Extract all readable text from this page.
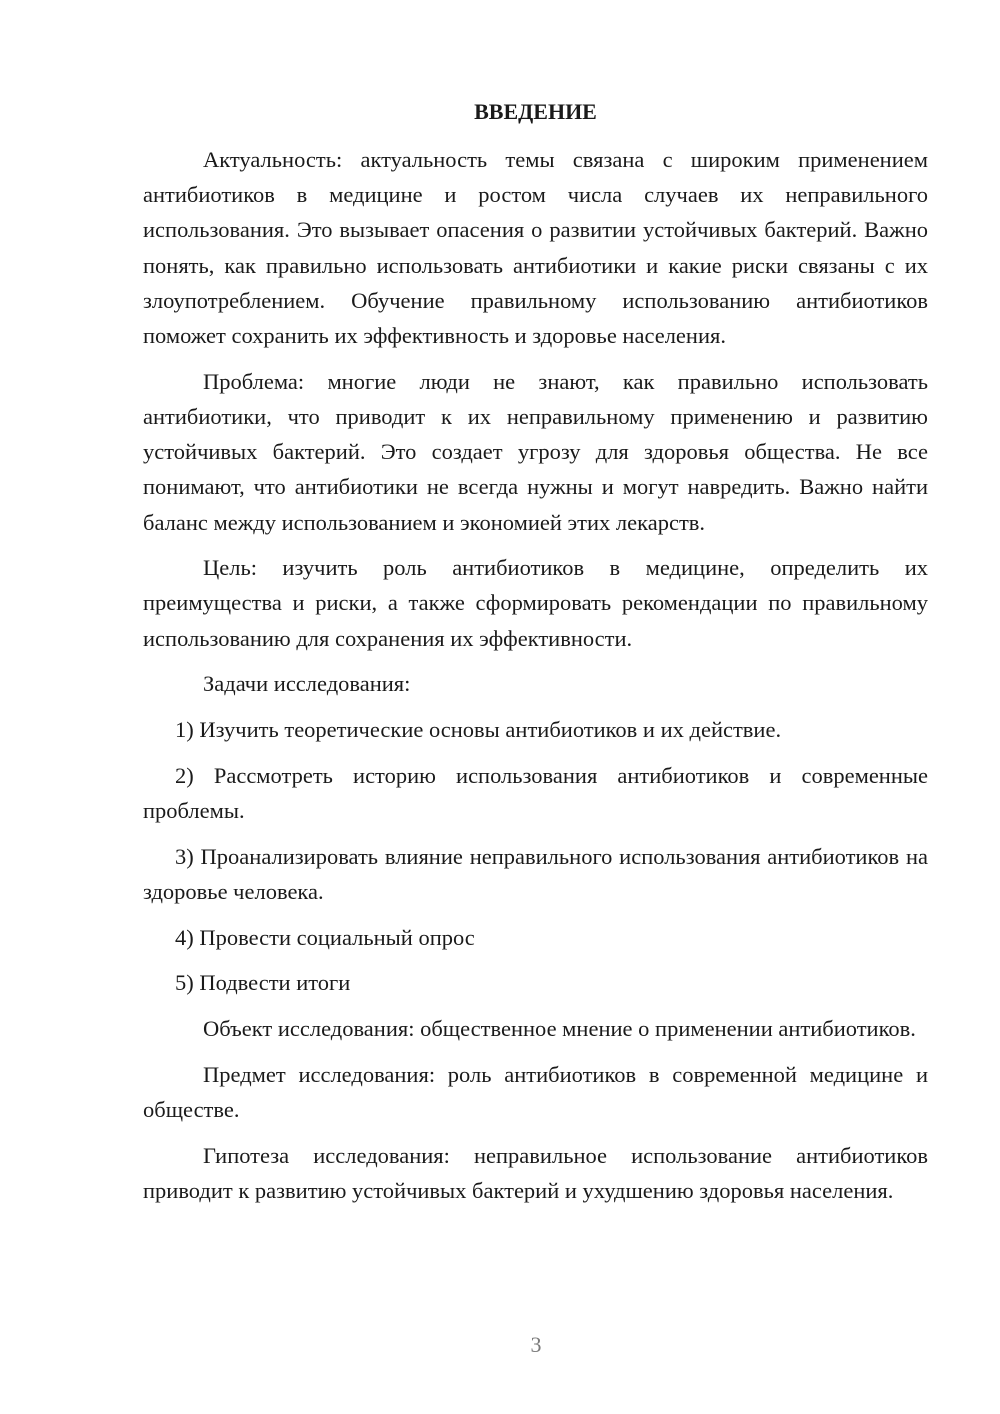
ВВЕДЕНИЕ

Актуальность: актуальность темы связана с широким применением антибиотиков в медицине и ростом числа случаев их неправильного использования. Это вызывает опасения о развитии устойчивых бактерий. Важно понять, как правильно использовать антибиотики и какие риски связаны с их злоупотреблением. Обучение правильному использованию антибиотиков поможет сохранить их эффективность и здоровье населения.

Проблема: многие люди не знают, как правильно использовать антибиотики, что приводит к их неправильному применению и развитию устойчивых бактерий. Это создает угрозу для здоровья общества. Не все понимают, что антибиотики не всегда нужны и могут навредить. Важно найти баланс между использованием и экономией этих лекарств.

Цель: изучить роль антибиотиков в медицине, определить их преимущества и риски, а также сформировать рекомендации по правильному использованию для сохранения их эффективности.

Задачи исследования:

1) Изучить теоретические основы антибиотиков и их действие.

2) Рассмотреть историю использования антибиотиков и современные проблемы.

3) Проанализировать влияние неправильного использования антибиотиков на здоровье человека.

4) Провести социальный опрос

5) Подвести итоги

Объект исследования: общественное мнение о применении антибиотиков.

Предмет исследования: роль антибиотиков в современной медицине и обществе.

Гипотеза исследования: неправильное использование антибиотиков приводит к развитию устойчивых бактерий и ухудшению здоровья населения.

3
